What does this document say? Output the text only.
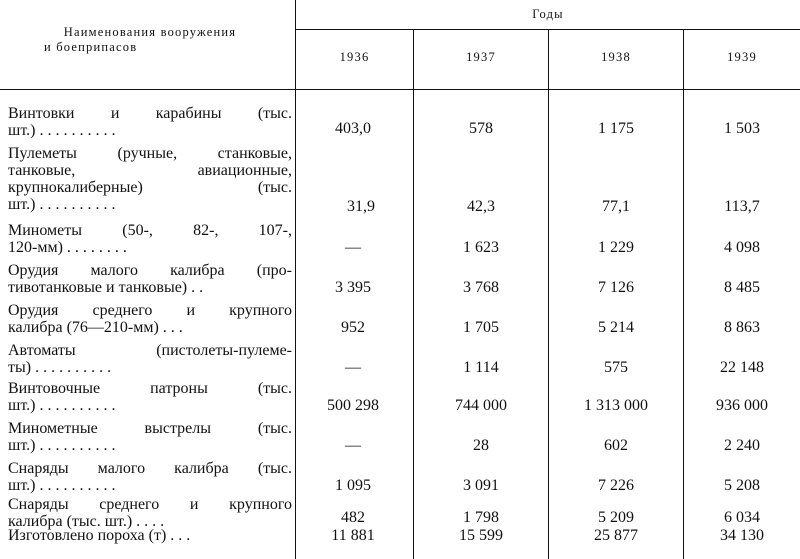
Наименования вооружения
и боеприпасов
Годы
1936	1937	1938	1939
Винтовки и карабины (тыс.
шт.) . . . . . . . . . .	403,0	578	1 175	1 503
Пулеметы (ручные, станковые,
танковые, авиационные,
крупнокалиберные) (тыс.
шт.) . . . . . . . . . .	31,9	42,3	77,1	113,7
Минометы (50-, 82-, 107-,
120-мм) . . . . . . . .	—	1 623	1 229	4 098
Орудия малого калибра (про-
тивотанковые и танковые) . .	3 395	3 768	7 126	8 485
Орудия среднего и крупного
калибра (76—210-мм) . . .	952	1 705	5 214	8 863
Автоматы (пистолеты-пулеме-
ты) . . . . . . . . . .	—	1 114	575	22 148
Винтовочные патроны (тыс.
шт.) . . . . . . . . . .	500 298	744 000	1 313 000	936 000
Минометные выстрелы (тыс.
шт.) . . . . . . . . . .	—	28	602	2 240
Снаряды малого калибра (тыс.
шт.) . . . . . . . . . .	1 095	3 091	7 226	5 208
Снаряды среднего и крупного
калибра (тыс. шт.) . . . .	482	1 798	5 209	6 034
Изготовлено пороха (т) . . .	11 881	15 599	25 877	34 130
